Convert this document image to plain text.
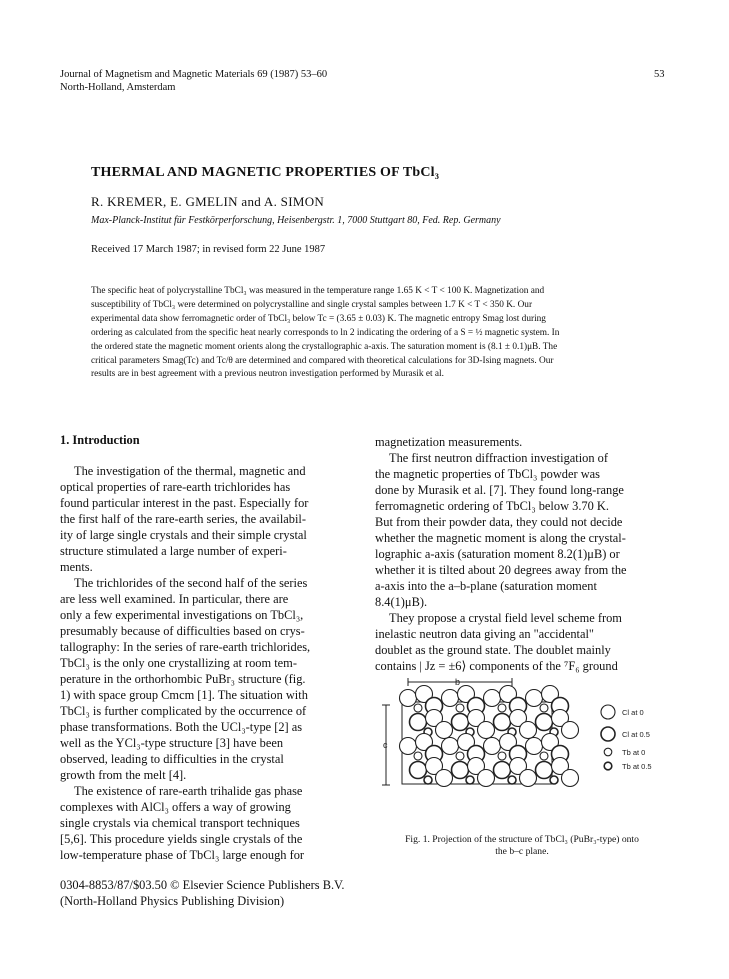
Journal of Magnetism and Magnetic Materials 69 (1987) 53–60
North-Holland, Amsterdam
53
THERMAL AND MAGNETIC PROPERTIES OF TbCl₃
R. KREMER, E. GMELIN and A. SIMON
Max-Planck-Institut für Festkörperforschung, Heisenbergstr. 1, 7000 Stuttgart 80, Fed. Rep. Germany
Received 17 March 1987; in revised form 22 June 1987
The specific heat of polycrystalline TbCl₃ was measured in the temperature range 1.65 K < T < 100 K. Magnetization and
susceptibility of TbCl₃ were determined on polycrystalline and single crystal samples between 1.7 K < T < 350 K. Our
experimental data show ferromagnetic order of TbCl₃ below Tc = (3.65 ± 0.03) K. The magnetic entropy Smag lost during
ordering as calculated from the specific heat nearly corresponds to ln 2 indicating the ordering of a S = ½ magnetic system. In
the ordered state the magnetic moment orients along the crystallographic a-axis. The saturation moment is (8.1 ± 0.1)μB. The
critical parameters Smag(Tc) and Tc/θ are determined and compared with theoretical calculations for 3D-Ising magnets. Our
results are in best agreement with a previous neutron investigation performed by Murasik et al.
1. Introduction
The investigation of the thermal, magnetic and
optical properties of rare-earth trichlorides has
found particular interest in the past. Especially for
the first half of the rare-earth series, the availabil-
ity of large single crystals and their simple crystal
structure stimulated a large number of experi-
ments.
The trichlorides of the second half of the series
are less well examined. In particular, there are
only a few experimental investigations on TbCl₃,
presumably because of difficulties based on crys-
tallography: In the series of rare-earth trichlorides,
TbCl₃ is the only one crystallizing at room tem-
perature in the orthorhombic PuBr₃ structure (fig.
1) with space group Cmcm [1]. The situation with
TbCl₃ is further complicated by the occurrence of
phase transformations. Both the UCl₃-type [2] as
well as the YCl₃-type structure [3] have been
observed, leading to difficulties in the crystal
growth from the melt [4].
The existence of rare-earth trihalide gas phase
complexes with AlCl₃ offers a way of growing
single crystals via chemical transport techniques
[5,6]. This procedure yields single crystals of the
low-temperature phase of TbCl₃ large enough for
magnetization measurements.
The first neutron diffraction investigation of
the magnetic properties of TbCl₃ powder was
done by Murasik et al. [7]. They found long-range
ferromagnetic ordering of TbCl₃ below 3.70 K.
But from their powder data, they could not decide
whether the magnetic moment is along the crystal-
lographic a-axis (saturation moment 8.2(1)μB) or
whether it is tilted about 20 degrees away from the
a-axis into the a–b-plane (saturation moment
8.4(1)μB).
They propose a crystal field level scheme from
inelastic neutron data giving an "accidental"
doublet as the ground state. The doublet mainly
contains | Jz = ±6⟩ components of the ⁷F₆ ground
b
c
Cl at 0
Cl at 0.5
Tb at 0
Tb at 0.5
Fig. 1. Projection of the structure of TbCl₃ (PuBr₃-type) onto
the b–c plane.
0304-8853/87/$03.50 © Elsevier Science Publishers B.V.
(North-Holland Physics Publishing Division)
